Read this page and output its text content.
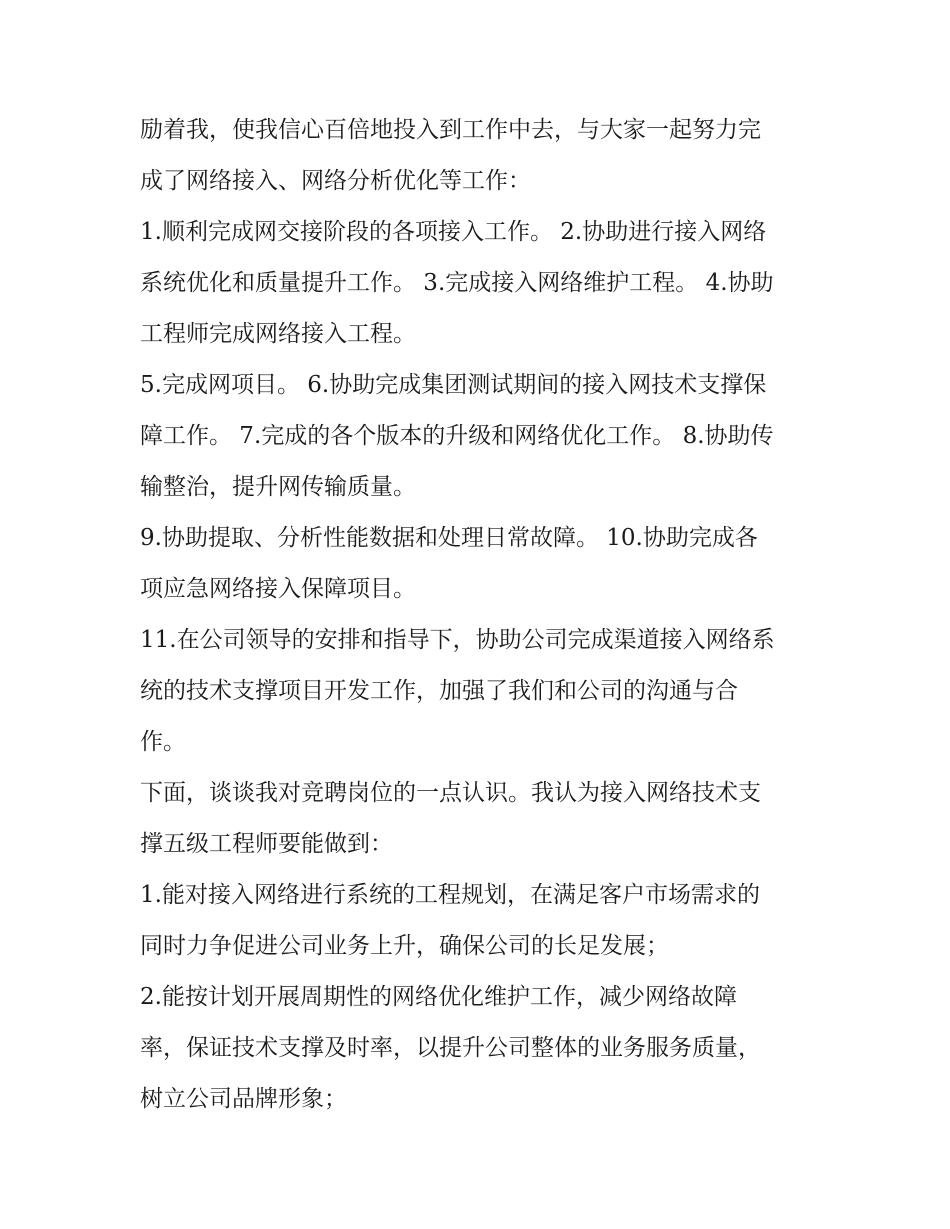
励着我，使我信心百倍地投入到工作中去，与大家一起努力完
成了网络接入、网络分析优化等工作：

1.顺利完成网交接阶段的各项接入工作。 2.协助进行接入网络
系统优化和质量提升工作。 3.完成接入网络维护工程。 4.协助
工程师完成网络接入工程。

5.完成网项目。 6.协助完成集团测试期间的接入网技术支撑保
障工作。 7.完成的各个版本的升级和网络优化工作。 8.协助传
输整治，提升网传输质量。

9.协助提取、分析性能数据和处理日常故障。 10.协助完成各
项应急网络接入保障项目。

11.在公司领导的安排和指导下，协助公司完成渠道接入网络系
统的技术支撑项目开发工作，加强了我们和公司的沟通与合
作。

下面，谈谈我对竞聘岗位的一点认识。我认为接入网络技术支
撑五级工程师要能做到：

1.能对接入网络进行系统的工程规划，在满足客户市场需求的
同时力争促进公司业务上升，确保公司的长足发展；

2.能按计划开展周期性的网络优化维护工作，减少网络故障
率，保证技术支撑及时率，以提升公司整体的业务服务质量，
树立公司品牌形象；
